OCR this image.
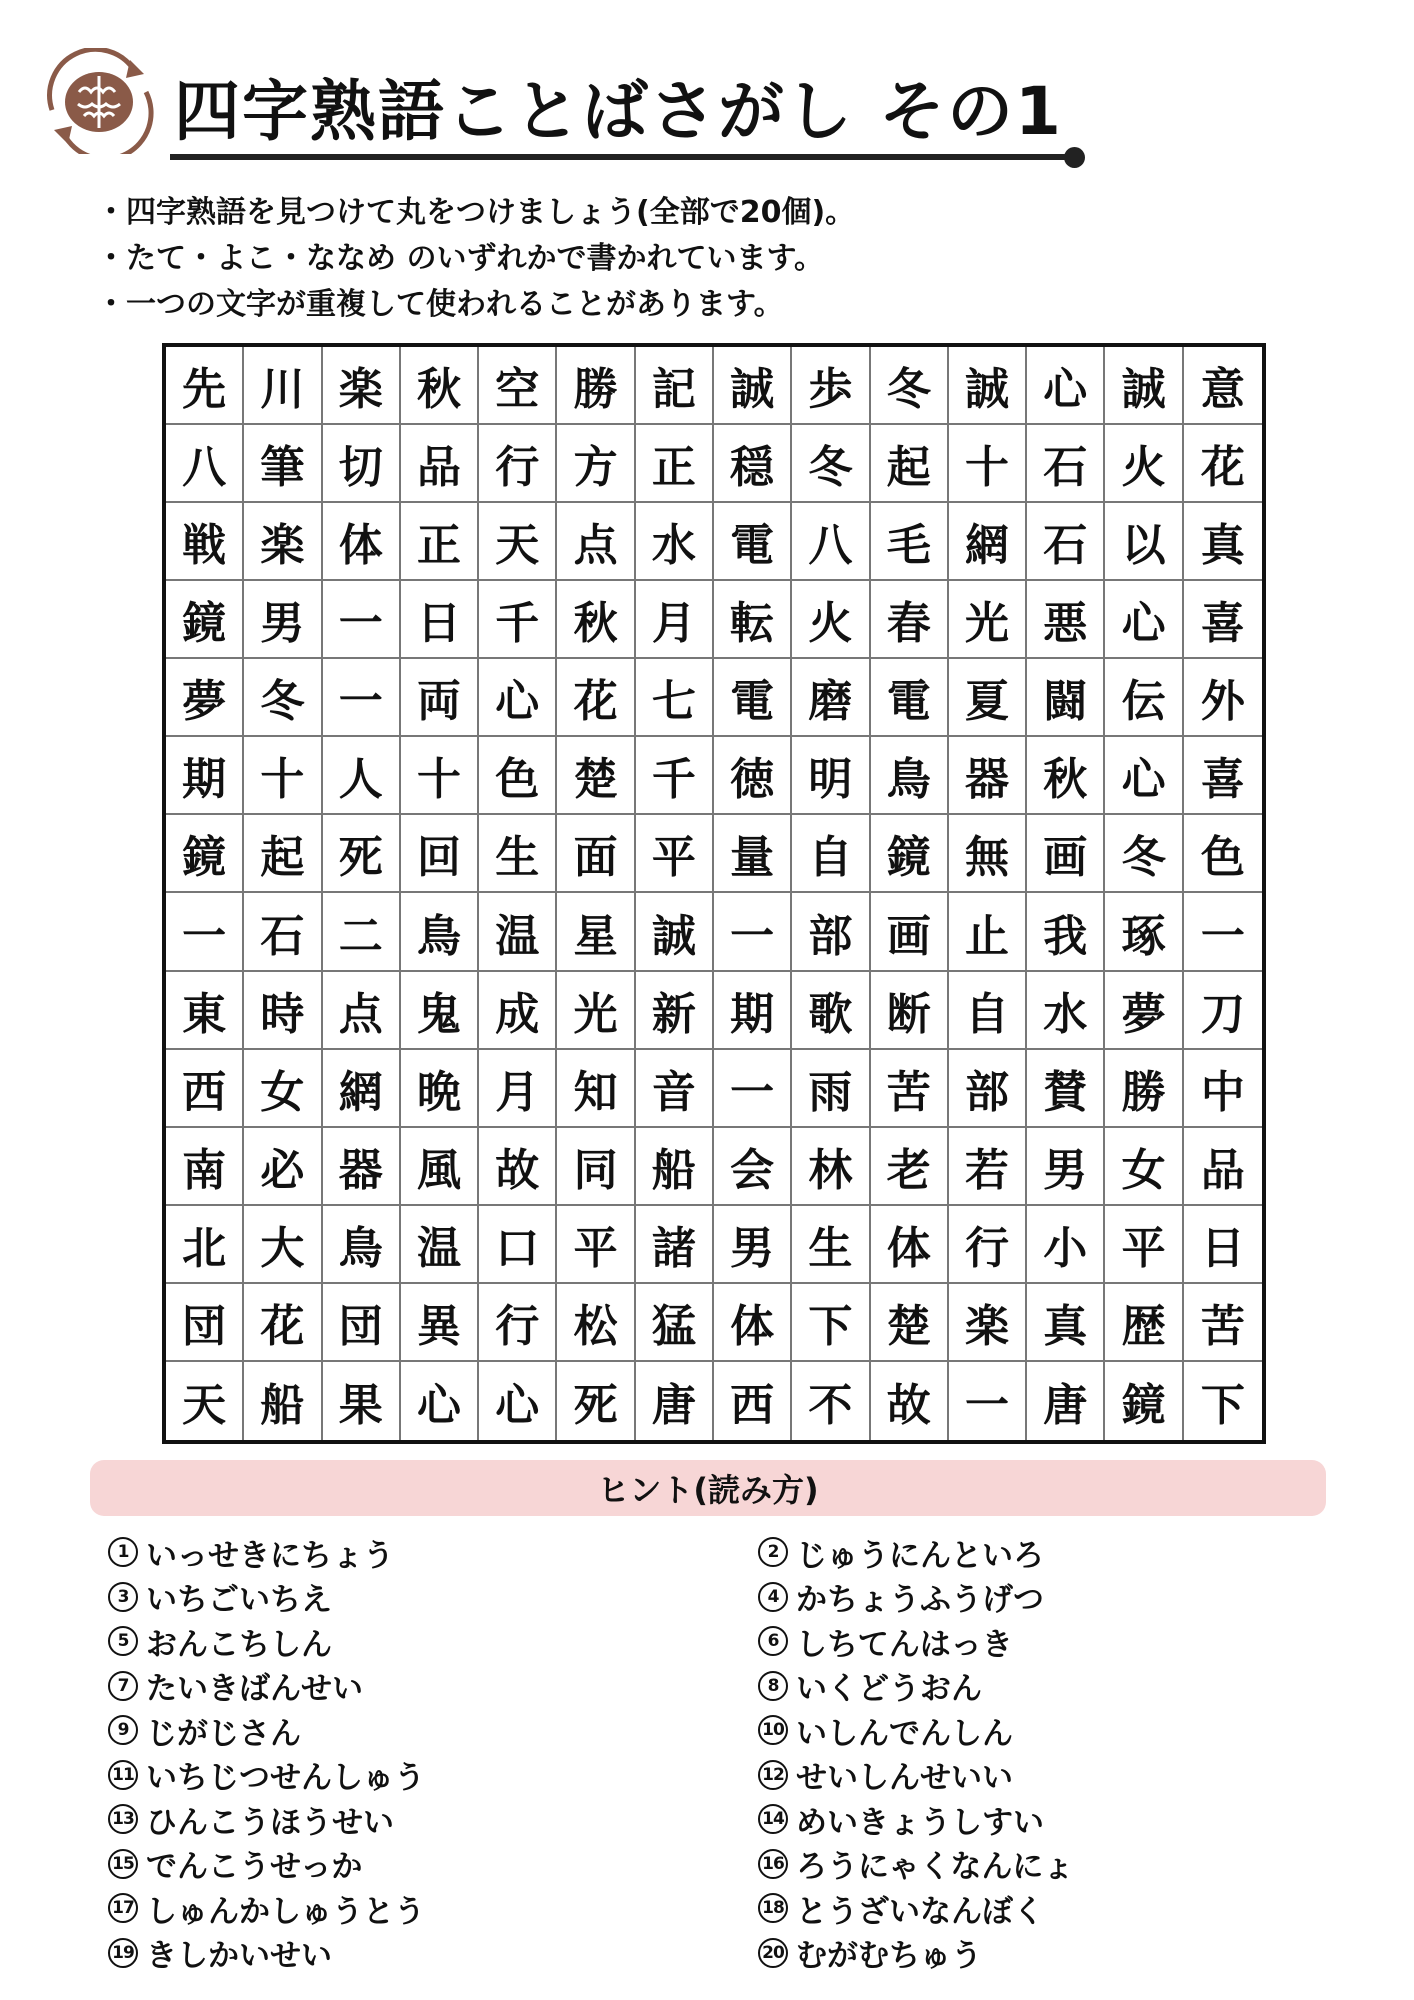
四字熟語ことばさがし その1
・四字熟語を見つけて丸をつけましょう(全部で20個)。
・たて・よこ・ななめ のいずれかで書かれています。
・一つの文字が重複して使われることがあります。
先 川 楽 秋 空 勝 記 誠 歩 冬 誠 心 誠 意
八 筆 切 品 行 方 正 穏 冬 起 十 石 火 花
戦 楽 体 正 天 点 水 電 八 毛 網 石 以 真
鏡 男 一 日 千 秋 月 転 火 春 光 悪 心 喜
夢 冬 一 両 心 花 七 電 磨 電 夏 闘 伝 外
期 十 人 十 色 楚 千 徳 明 鳥 器 秋 心 喜
鏡 起 死 回 生 面 平 量 自 鏡 無 画 冬 色
一 石 二 鳥 温 星 誠 一 部 画 止 我 琢 一
東 時 点 鬼 成 光 新 期 歌 断 自 水 夢 刀
西 女 網 晩 月 知 音 一 雨 苦 部 賛 勝 中
南 必 器 風 故 同 船 会 林 老 若 男 女 品
北 大 鳥 温 口 平 諸 男 生 体 行 小 平 日
団 花 団 異 行 松 猛 体 下 楚 楽 真 歴 苦
天 船 果 心 心 死 唐 西 不 故 一 唐 鏡 下
ヒント(読み方)
1 いっせきにちょう	2 じゅうにんといろ
3 いちごいちえ	4 かちょうふうげつ
5 おんこちしん	6 しちてんはっき
7 たいきばんせい	8 いくどうおん
9 じがじさん	10 いしんでんしん
11 いちじつせんしゅう	12 せいしんせいい
13 ひんこうほうせい	14 めいきょうしすい
15 でんこうせっか	16 ろうにゃくなんにょ
17 しゅんかしゅうとう	18 とうざいなんぼく
19 きしかいせい	20 むがむちゅう
